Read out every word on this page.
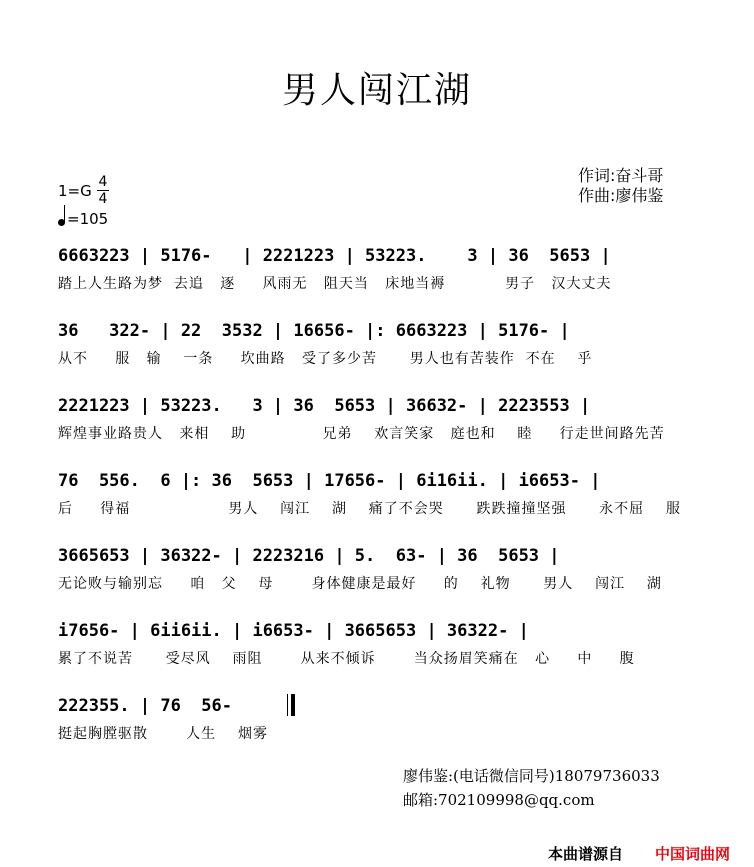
男人闯江湖
$1=G \frac{4}{4}$
=105
作词:奋斗哥
作曲:廖伟鉴
6663223 | 5176-   | 2221223 | 53223.    3 | 36  5653 |
踏上人生路为梦  去追   逐     风雨无   阻天当   床地当褥           男子   汉大丈夫
36   322- | 22  3532 | 16656- |: 6663223 | 5176- |
从不     服   输    一条     坎曲路   受了多少苦      男人也有苦装作  不在    乎
2221223 | 53223.   3 | 36  5653 | 36632- | 2223553 |
辉煌事业路贵人   来相    助              兄弟    欢言笑家   庭也和    睦     行走世间路先苦
76  556.  6 |: 36  5653 | 17656- | 6i16ii. | i6653- |
后     得福                  男人    闯江    湖    痛了不会哭      跌跌撞撞坚强      永不屈    服
3665653 | 36322- | 2223216 | 5.  63- | 36  5653 |
无论败与输别忘     咱   父    母       身体健康是最好     的    礼物      男人    闯江    湖
i7656- | 6ii6ii. | i6653- | 3665653 | 36322- |
累了不说苦      受尽风    雨阻       从来不倾诉       当众扬眉笑痛在   心     中     腹
222355. | 76  56-
挺起胸膛驱散       人生    烟雾
廖伟鉴:(电话微信同号)18079736033
邮箱:702109998@qq.com
本曲谱源自 中国词曲网
